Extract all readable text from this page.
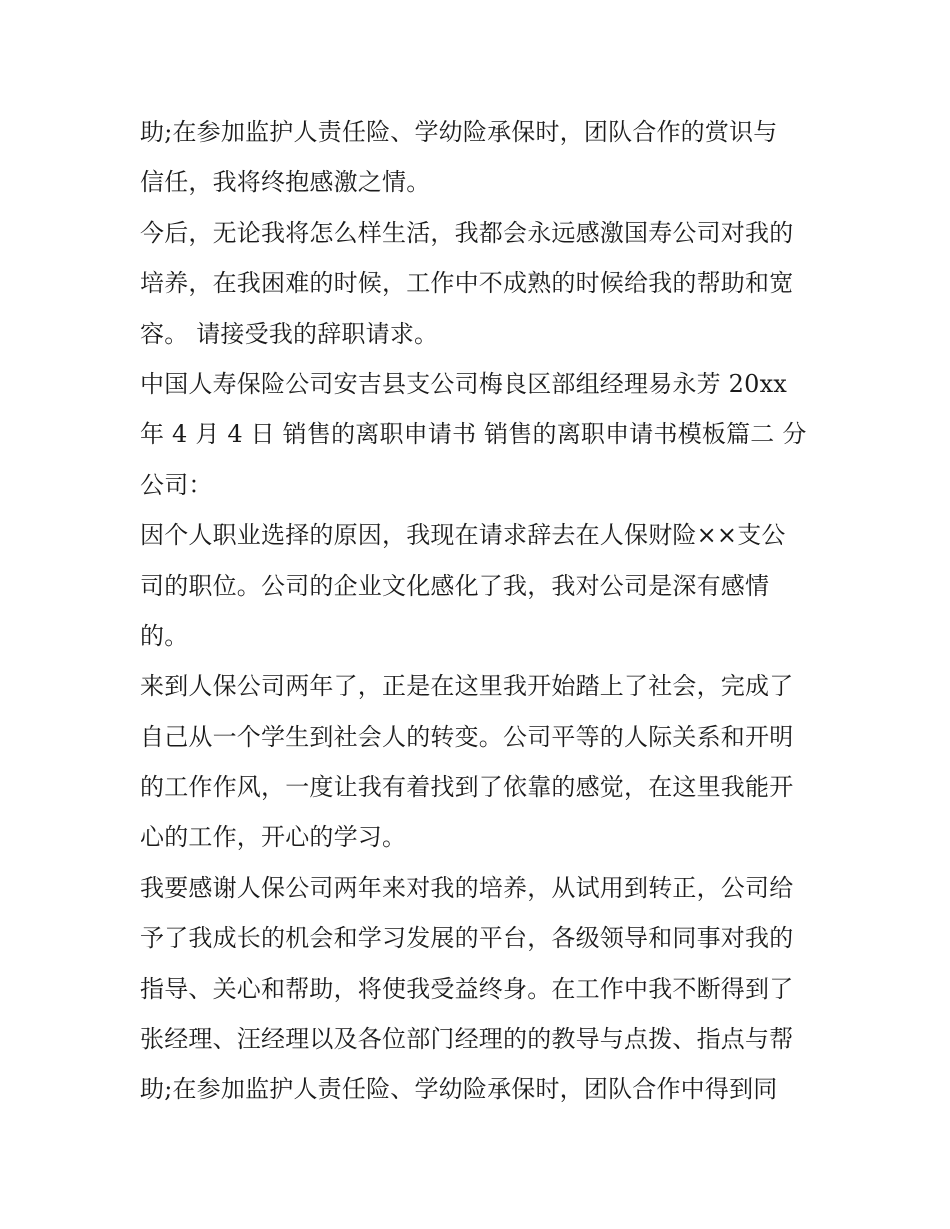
助;在参加监护人责任险、学幼险承保时，团队合作的赏识与
信任，我将终抱感激之情。
今后，无论我将怎么样生活，我都会永远感激国寿公司对我的
培养，在我困难的时候，工作中不成熟的时候给我的帮助和宽
容。 请接受我的辞职请求。
中国人寿保险公司安吉县支公司梅良区部组经理易永芳 20xx
年 4 月 4 日 销售的离职申请书 销售的离职申请书模板篇二 分
公司：
因个人职业选择的原因，我现在请求辞去在人保财险××支公
司的职位。公司的企业文化感化了我，我对公司是深有感情
的。
来到人保公司两年了，正是在这里我开始踏上了社会，完成了
自己从一个学生到社会人的转变。公司平等的人际关系和开明
的工作作风，一度让我有着找到了依靠的感觉，在这里我能开
心的工作，开心的学习。
我要感谢人保公司两年来对我的培养，从试用到转正，公司给
予了我成长的机会和学习发展的平台，各级领导和同事对我的
指导、关心和帮助，将使我受益终身。在工作中我不断得到了
张经理、汪经理以及各位部门经理的的教导与点拨、指点与帮
助;在参加监护人责任险、学幼险承保时，团队合作中得到同
